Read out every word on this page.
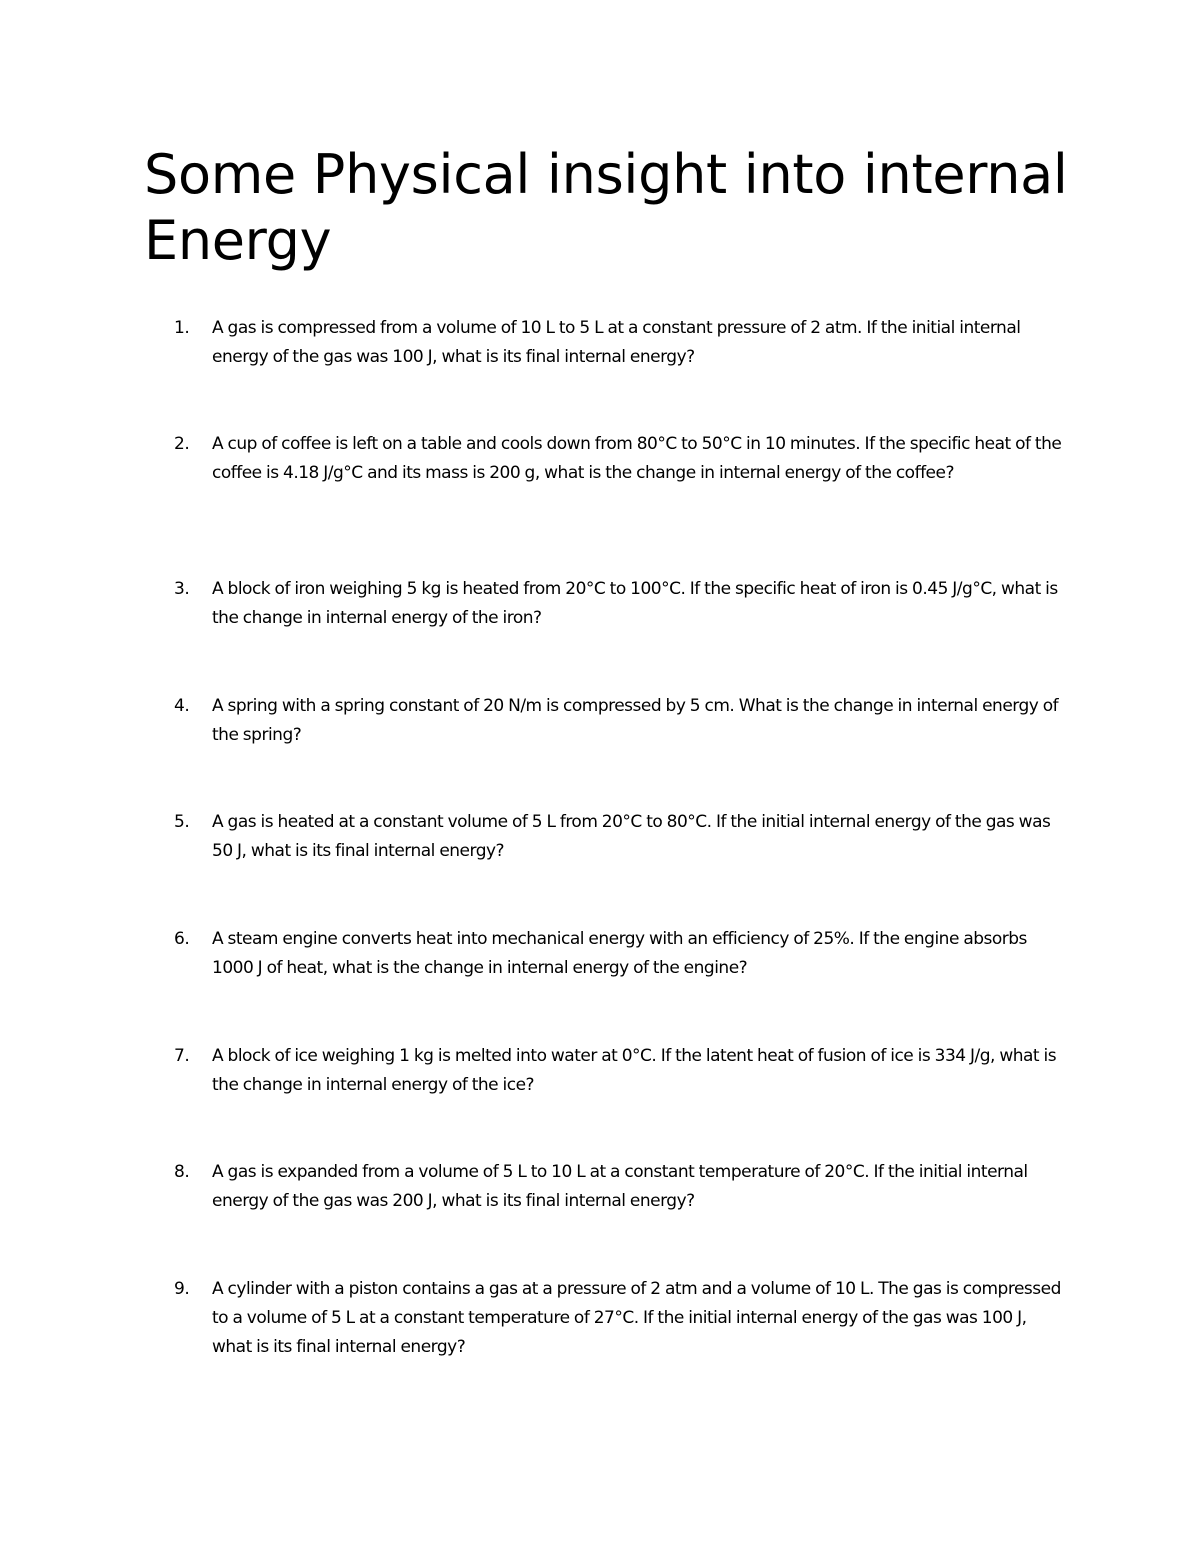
Some Physical insight into internal Energy
1.	A gas is compressed from a volume of 10 L to 5 L at a constant pressure of 2 atm. If the initial internal energy of the gas was 100 J, what is its final internal energy?
2.	A cup of coffee is left on a table and cools down from 80°C to 50°C in 10 minutes. If the specific heat of the coffee is 4.18 J/g°C and its mass is 200 g, what is the change in internal energy of the coffee?
3.	A block of iron weighing 5 kg is heated from 20°C to 100°C. If the specific heat of iron is 0.45 J/g°C, what is the change in internal energy of the iron?
4.	A spring with a spring constant of 20 N/m is compressed by 5 cm. What is the change in internal energy of the spring?
5.	A gas is heated at a constant volume of 5 L from 20°C to 80°C. If the initial internal energy of the gas was 50 J, what is its final internal energy?
6.	A steam engine converts heat into mechanical energy with an efficiency of 25%. If the engine absorbs 1000 J of heat, what is the change in internal energy of the engine?
7.	A block of ice weighing 1 kg is melted into water at 0°C. If the latent heat of fusion of ice is 334 J/g, what is the change in internal energy of the ice?
8.	A gas is expanded from a volume of 5 L to 10 L at a constant temperature of 20°C. If the initial internal energy of the gas was 200 J, what is its final internal energy?
9.	A cylinder with a piston contains a gas at a pressure of 2 atm and a volume of 10 L. The gas is compressed to a volume of 5 L at a constant temperature of 27°C. If the initial internal energy of the gas was 100 J, what is its final internal energy?
